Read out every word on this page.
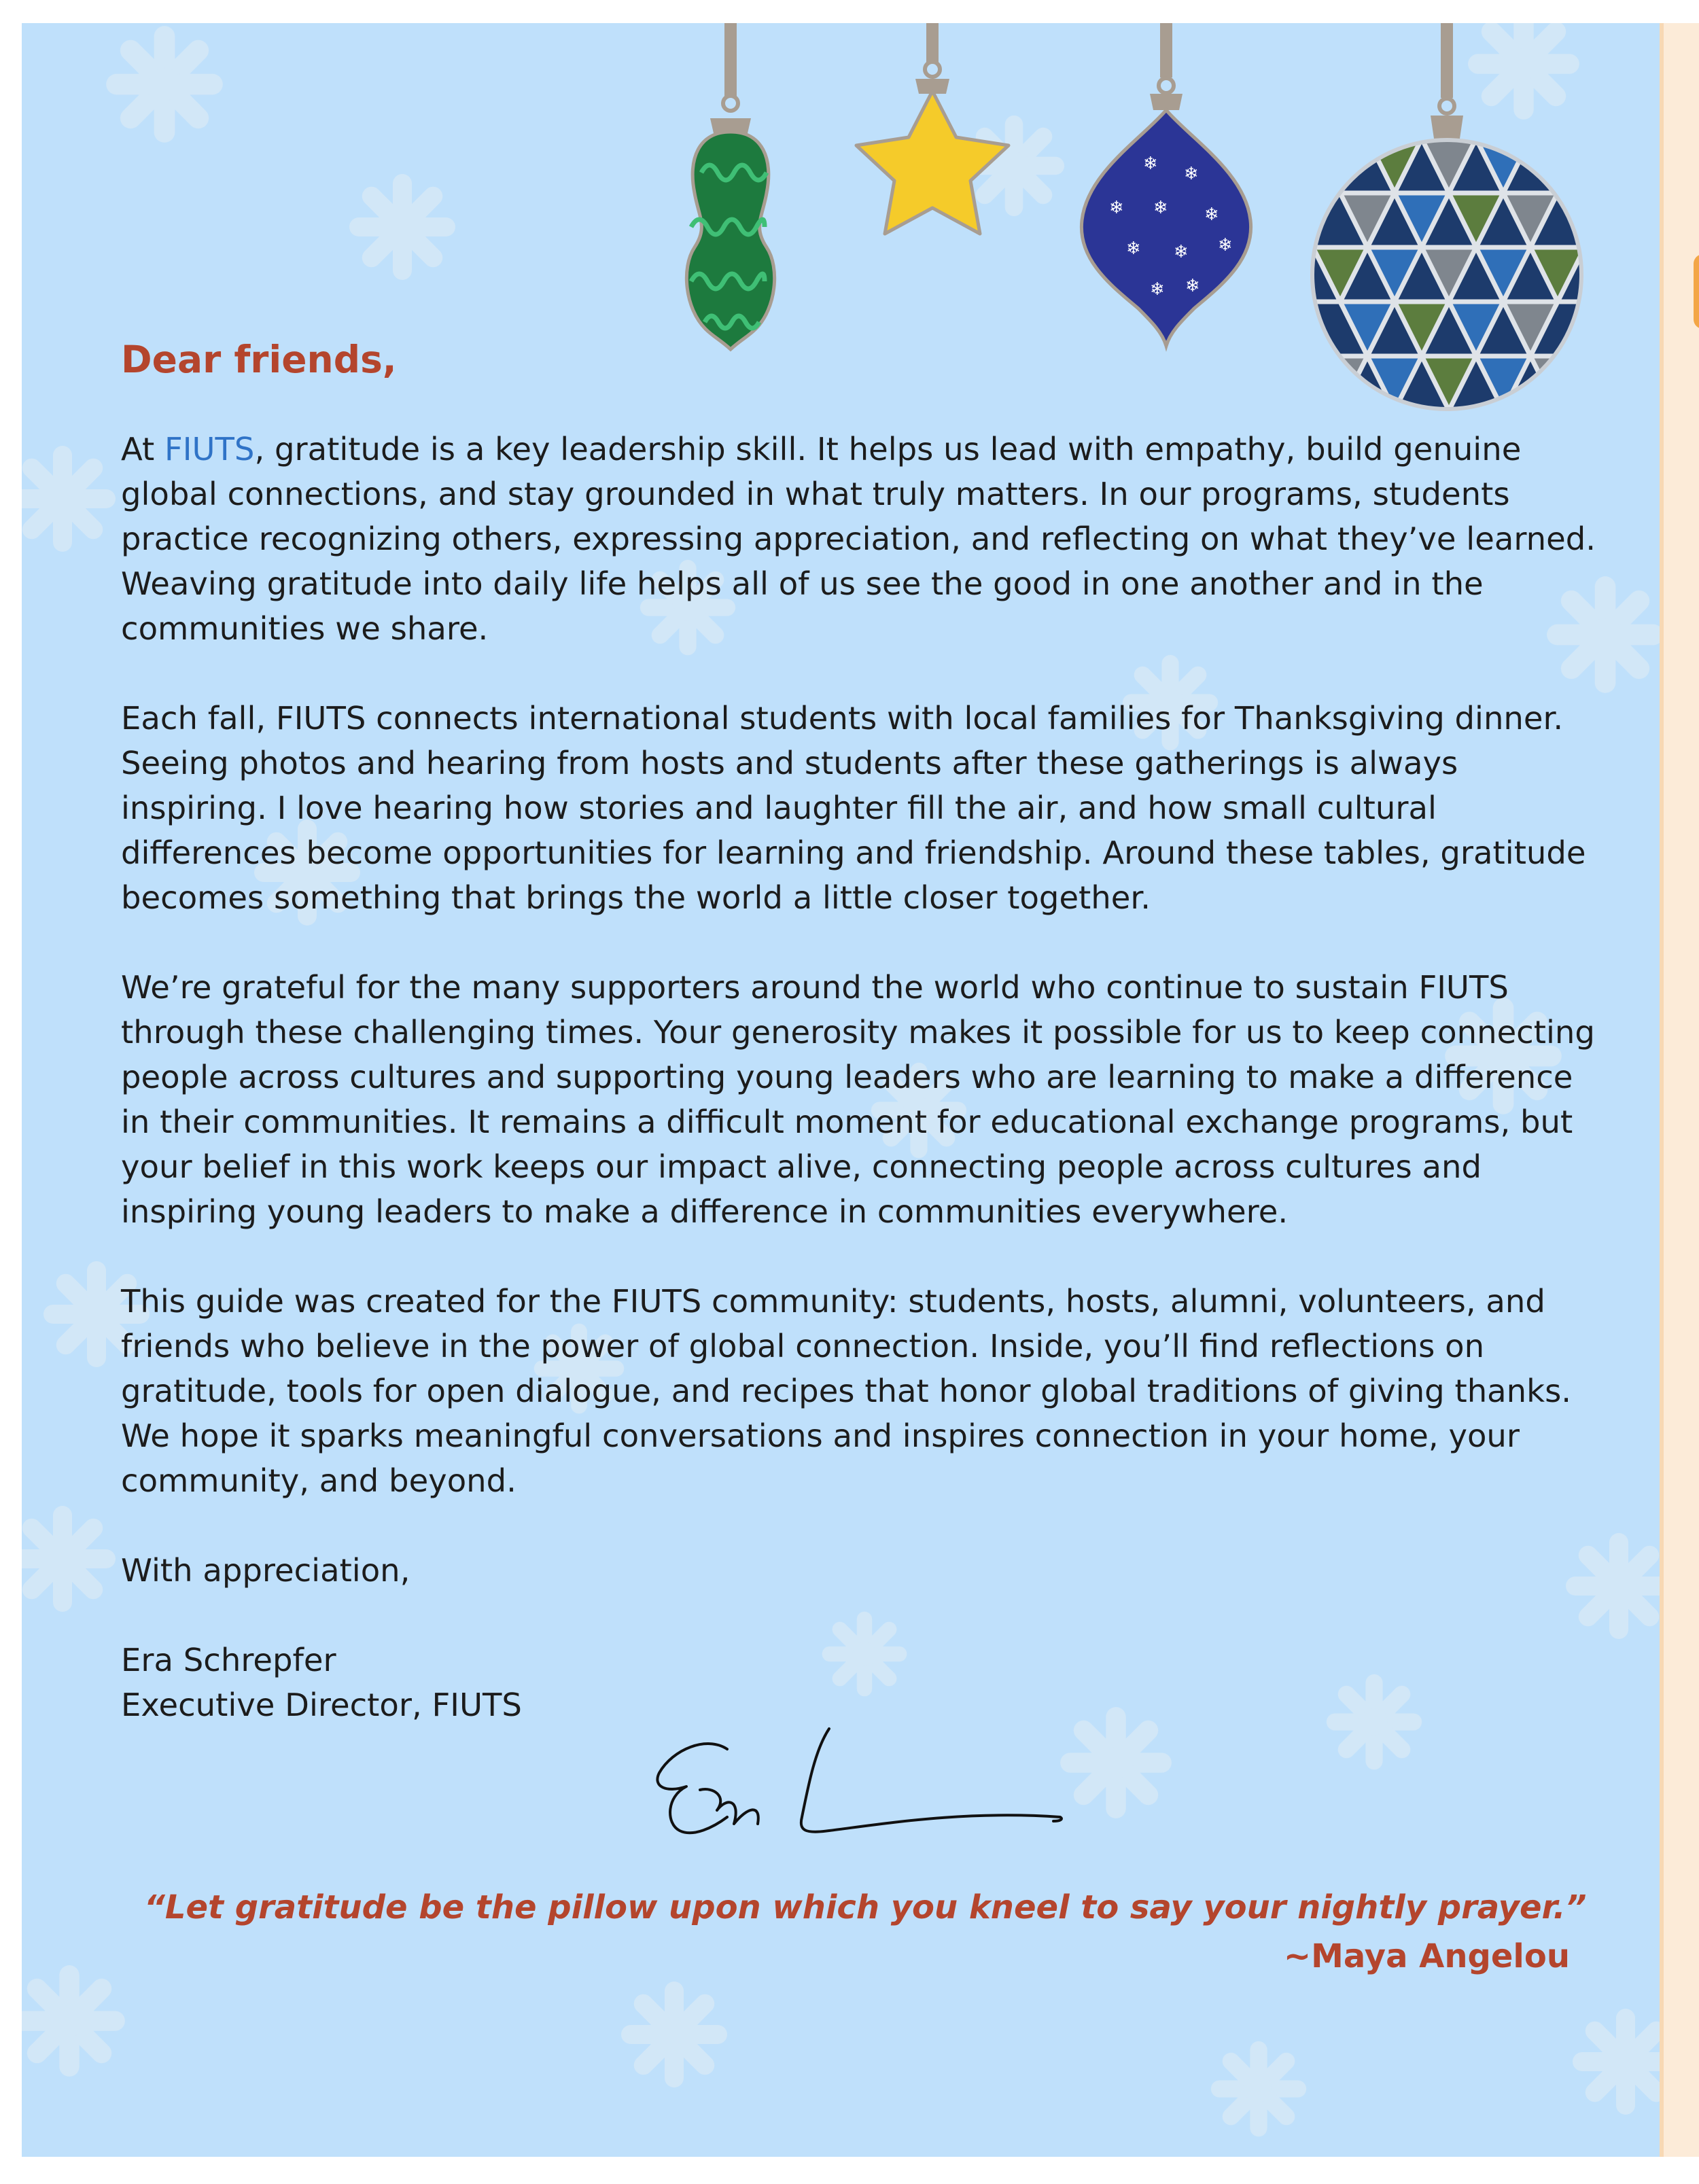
❄ ❄
❄ ❄ ❄
❄ ❄ ❄
❄ ❄

Dear friends,

At FIUTS, gratitude is a key leadership skill. It helps us lead with empathy, build genuine global connections, and stay grounded in what truly matters. In our programs, students practice recognizing others, expressing appreciation, and reflecting on what they’ve learned. Weaving gratitude into daily life helps all of us see the good in one another and in the communities we share.

Each fall, FIUTS connects international students with local families for Thanksgiving dinner. Seeing photos and hearing from hosts and students after these gatherings is always inspiring. I love hearing how stories and laughter fill the air, and how small cultural differences become opportunities for learning and friendship. Around these tables, gratitude becomes something that brings the world a little closer together.

We’re grateful for the many supporters around the world who continue to sustain FIUTS through these challenging times. Your generosity makes it possible for us to keep connecting people across cultures and supporting young leaders who are learning to make a difference in their communities. It remains a difficult moment for educational exchange programs, but your belief in this work keeps our impact alive, connecting people across cultures and inspiring young leaders to make a difference in communities everywhere.

This guide was created for the FIUTS community: students, hosts, alumni, volunteers, and friends who believe in the power of global connection. Inside, you’ll find reflections on gratitude, tools for open dialogue, and recipes that honor global traditions of giving thanks. We hope it sparks meaningful conversations and inspires connection in your home, your community, and beyond.

With appreciation,

Era Schrepfer

Executive Director, FIUTS

“Let gratitude be the pillow upon which you kneel to say your nightly prayer.”

~Maya Angelou
